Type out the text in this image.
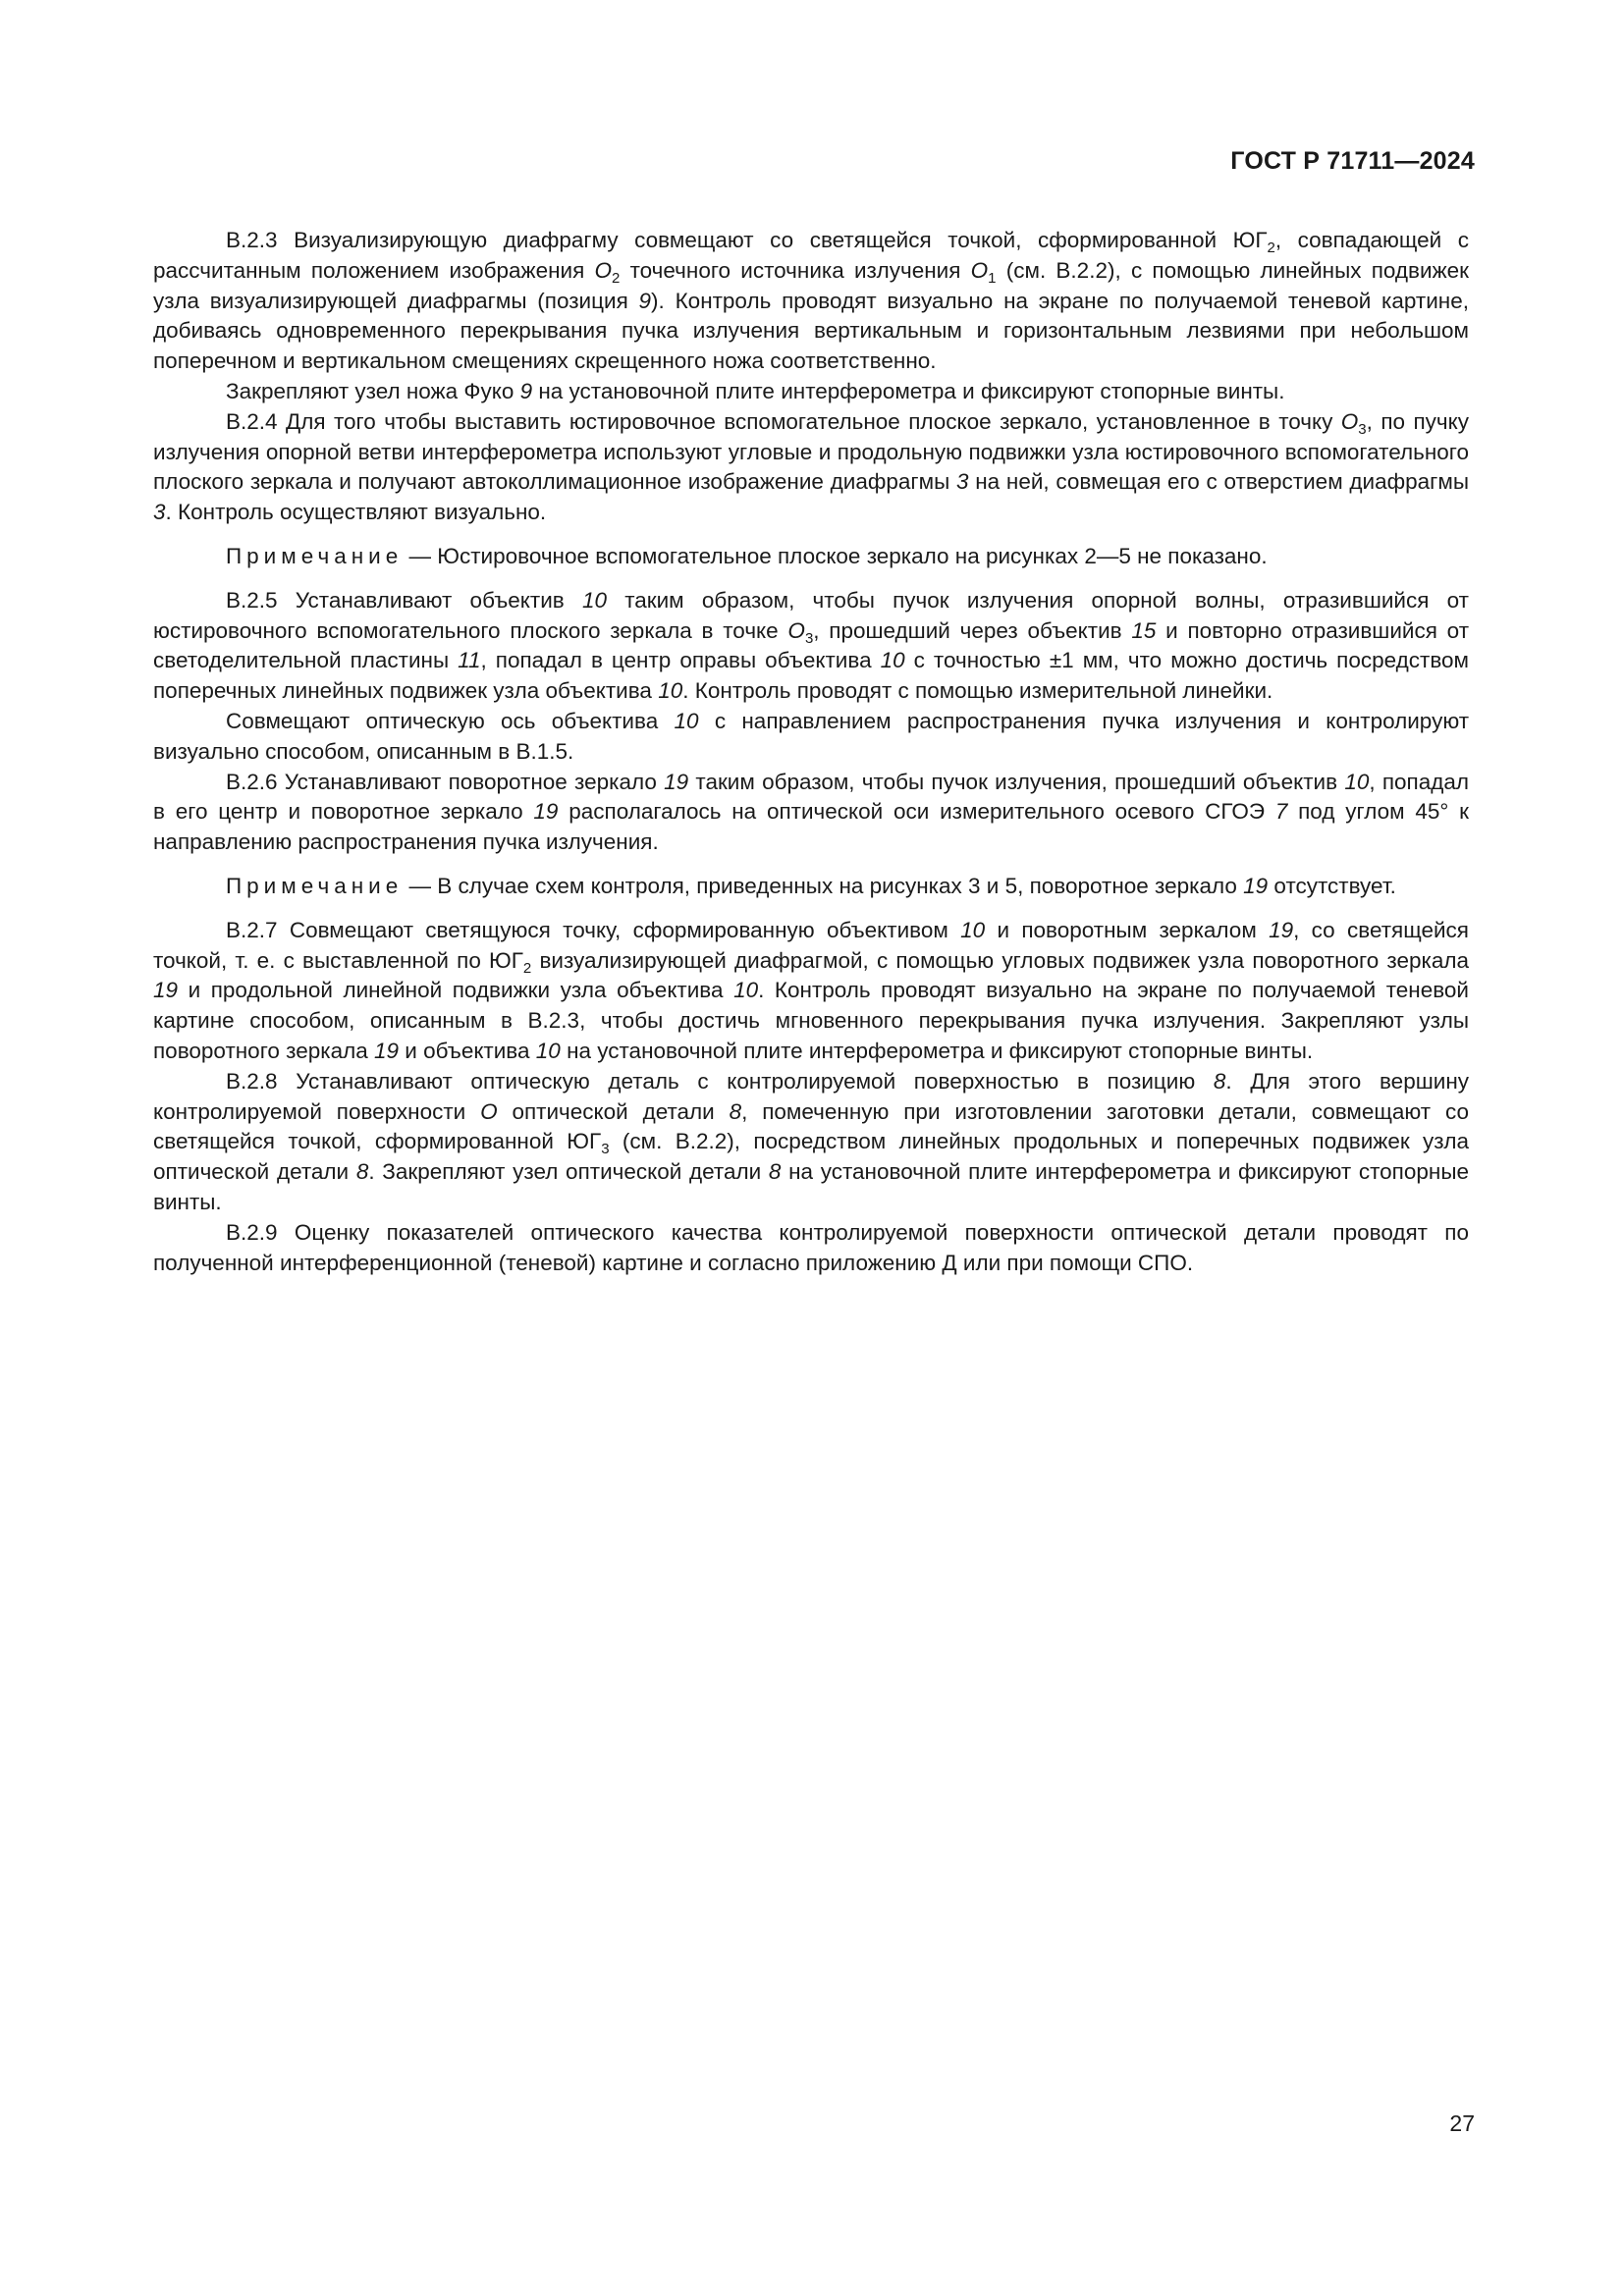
ГОСТ Р 71711—2024

В.2.3 Визуализирующую диафрагму совмещают со светящейся точкой, сформированной $ЮГ_2$, совпадающей с рассчитанным положением изображения $O_2$ точечного источника излучения $O_1$ (см. В.2.2), с помощью линейных подвижек узла визуализирующей диафрагмы (позиция 9). Контроль проводят визуально на экране по получаемой теневой картине, добиваясь одновременного перекрывания пучка излучения вертикальным и горизонтальным лезвиями при небольшом поперечном и вертикальном смещениях скрещенного ножа соответственно.

Закрепляют узел ножа Фуко 9 на установочной плите интерферометра и фиксируют стопорные винты.

В.2.4 Для того чтобы выставить юстировочное вспомогательное плоское зеркало, установленное в точку $O_3$, по пучку излучения опорной ветви интерферометра используют угловые и продольную подвижки узла юстировочного вспомогательного плоского зеркала и получают автоколлимационное изображение диафрагмы 3 на ней, совмещая его с отверстием диафрагмы 3. Контроль осуществляют визуально.

Примечание — Юстировочное вспомогательное плоское зеркало на рисунках 2—5 не показано.

В.2.5 Устанавливают объектив 10 таким образом, чтобы пучок излучения опорной волны, отразившийся от юстировочного вспомогательного плоского зеркала в точке $O_3$, прошедший через объектив 15 и повторно отразившийся от светоделительной пластины 11, попадал в центр оправы объектива 10 с точностью ±1 мм, что можно достичь посредством поперечных линейных подвижек узла объектива 10. Контроль проводят с помощью измерительной линейки.

Совмещают оптическую ось объектива 10 с направлением распространения пучка излучения и контролируют визуально способом, описанным в В.1.5.

В.2.6 Устанавливают поворотное зеркало 19 таким образом, чтобы пучок излучения, прошедший объектив 10, попадал в его центр и поворотное зеркало 19 располагалось на оптической оси измерительного осевого СГОЭ 7 под углом 45° к направлению распространения пучка излучения.

Примечание — В случае схем контроля, приведенных на рисунках 3 и 5, поворотное зеркало 19 отсутствует.

В.2.7 Совмещают светящуюся точку, сформированную объективом 10 и поворотным зеркалом 19, со светящейся точкой, т. е. с выставленной по $ЮГ_2$ визуализирующей диафрагмой, с помощью угловых подвижек узла поворотного зеркала 19 и продольной линейной подвижки узла объектива 10. Контроль проводят визуально на экране по получаемой теневой картине способом, описанным в В.2.3, чтобы достичь мгновенного перекрывания пучка излучения. Закрепляют узлы поворотного зеркала 19 и объектива 10 на установочной плите интерферометра и фиксируют стопорные винты.

В.2.8 Устанавливают оптическую деталь с контролируемой поверхностью в позицию 8. Для этого вершину контролируемой поверхности O оптической детали 8, помеченную при изготовлении заготовки детали, совмещают со светящейся точкой, сформированной $ЮГ_3$ (см. В.2.2), посредством линейных продольных и поперечных подвижек узла оптической детали 8. Закрепляют узел оптической детали 8 на установочной плите интерферометра и фиксируют стопорные винты.

В.2.9 Оценку показателей оптического качества контролируемой поверхности оптической детали проводят по полученной интерференционной (теневой) картине и согласно приложению Д или при помощи СПО.

27
